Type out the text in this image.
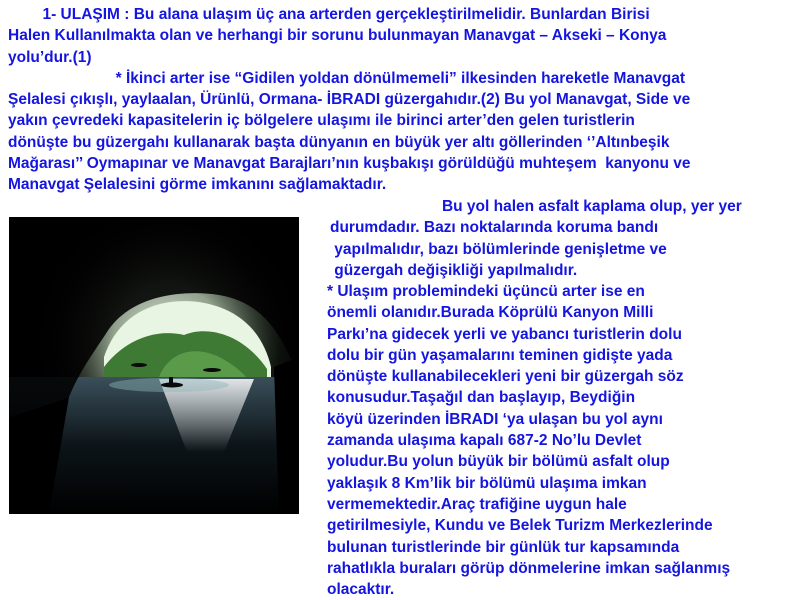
1- ULAŞIM : Bu alana ulaşım üç ana arterden gerçekleştirilmelidir. Bunlardan Birisi
Halen Kullanılmakta olan ve herhangi bir sorunu bulunmayan Manavgat – Akseki – Konya
yolu’dur.(1)
* İkinci arter ise “Gidilen yoldan dönülmemeli” ilkesinden hareketle Manavgat
Şelalesi çıkışlı, yaylaalan, Ürünlü, Ormana- İBRADI güzergahıdır.(2) Bu yol Manavgat, Side ve
yakın çevredeki kapasitelerin iç bölgelere ulaşımı ile birinci arter’den gelen turistlerin
dönüşte bu güzergahı kullanarak başta dünyanın en büyük yer altı göllerinden ‘’Altınbeşik
Mağarası’’ Oymapınar ve Manavgat Barajları’nın kuşbakışı görüldüğü muhteşem  kanyonu ve
Manavgat Şelalesini görme imkanını sağlamaktadır.
Bu yol halen asfalt kaplama olup, yer yer
durumdadır. Bazı noktalarında koruma bandı
yapılmalıdır, bazı bölümlerinde genişletme ve
güzergah değişikliği yapılmalıdır.
* Ulaşım problemindeki üçüncü arter ise en
önemli olanıdır.Burada Köprülü Kanyon Milli
Parkı’na gidecek yerli ve yabancı turistlerin dolu
dolu bir gün yaşamalarını teminen gidişte yada
dönüşte kullanabilecekleri yeni bir güzergah söz
konusudur.Taşağıl dan başlayıp, Beydiğin
köyü üzerinden İBRADI ‘ya ulaşan bu yol aynı
zamanda ulaşıma kapalı 687-2 No’lu Devlet
yoludur.Bu yolun büyük bir bölümü asfalt olup
yaklaşık 8 Km’lik bir bölümü ulaşıma imkan
vermemektedir.Araç trafiğine uygun hale
getirilmesiyle, Kundu ve Belek Turizm Merkezlerinde
bulunan turistlerinde bir günlük tur kapsamında
rahatlıkla buraları görüp dönmelerine imkan sağlanmış
olacaktır.
